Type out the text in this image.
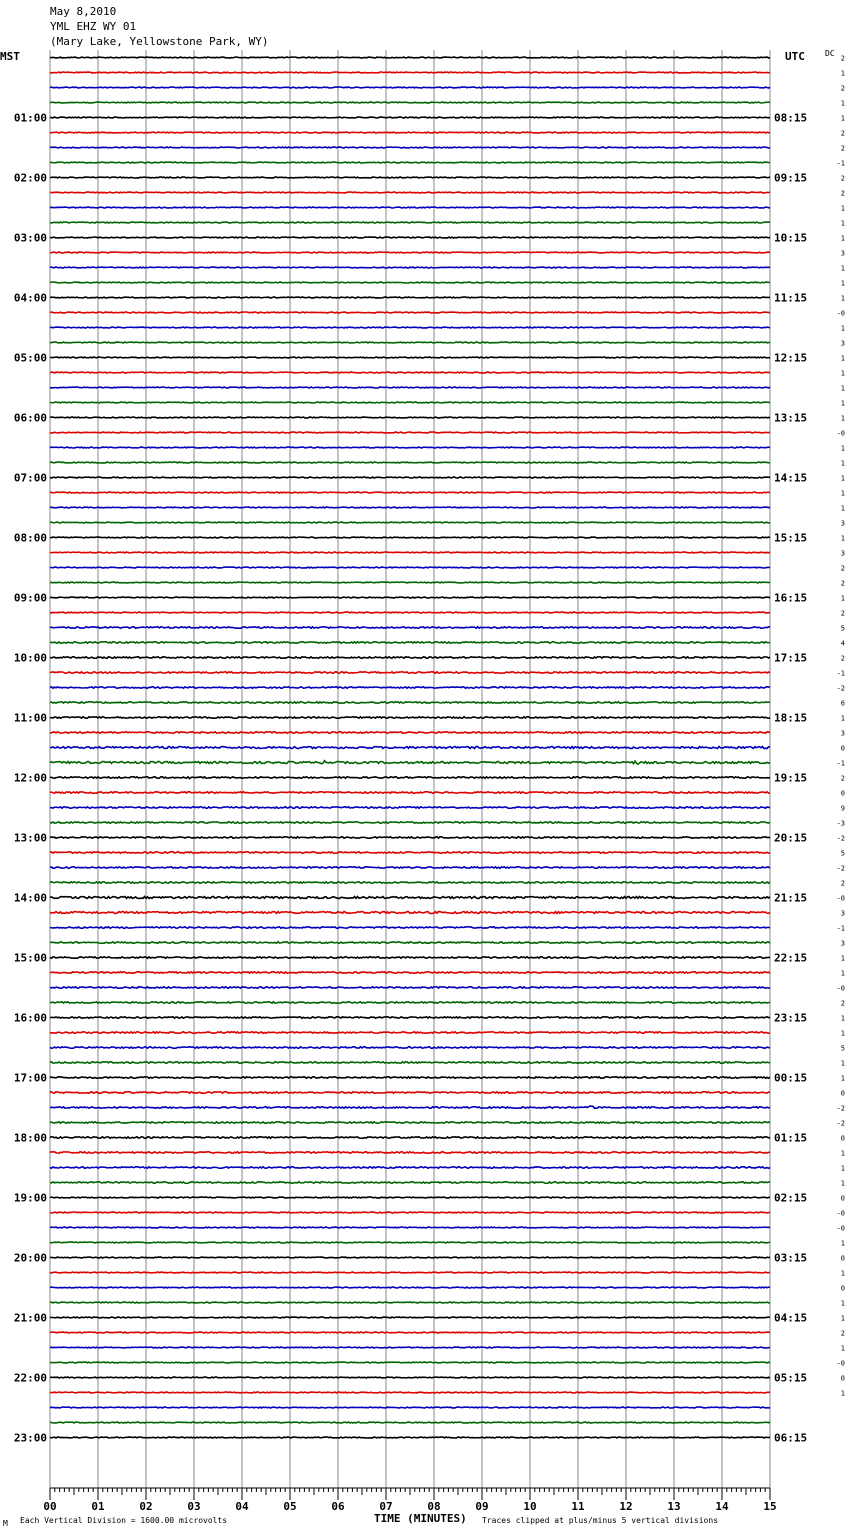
May 8,2010
YML EHZ WY 01
(Mary Lake, Yellowstone Park, WY)
MST	UTC	DC
01:00
02:00
03:00
04:00
05:00
06:00
07:00
08:00
09:00
10:00
11:00
12:00
13:00
14:00
15:00
16:00
17:00
18:00
19:00
20:00
21:00
22:00
23:00
08:15
09:15
10:15
11:15
12:15
13:15
14:15
15:15
16:15
17:15
18:15
19:15
20:15
21:15
22:15
23:15
00:15
01:15
02:15
03:15
04:15
05:15
06:15
2
1
2
1
1
2
2
-1
2
2
1
1
1
3
1
1
1
-0
1
3
1
1
1
1
1
-0
1
1
1
1
1
3
1
3
2
2
1
2
5
4
2
-1
-2
6
1
3
0
-1
2
0
9
-3
-2
5
-2
2
-0
3
-1
3
1
1
-0
2
1
1
5
1
1
0
-2
-2
0
1
1
1
0
-0
-0
1
0
1
0
1
1
2
1
-0
0
1
00	01	02	03	04	05	06	07	08	09	10	11	12	13	14	15
M Each Vertical Division = 1600.00 microvolts	TIME (MINUTES) Traces clipped at plus/minus 5 vertical divisions
